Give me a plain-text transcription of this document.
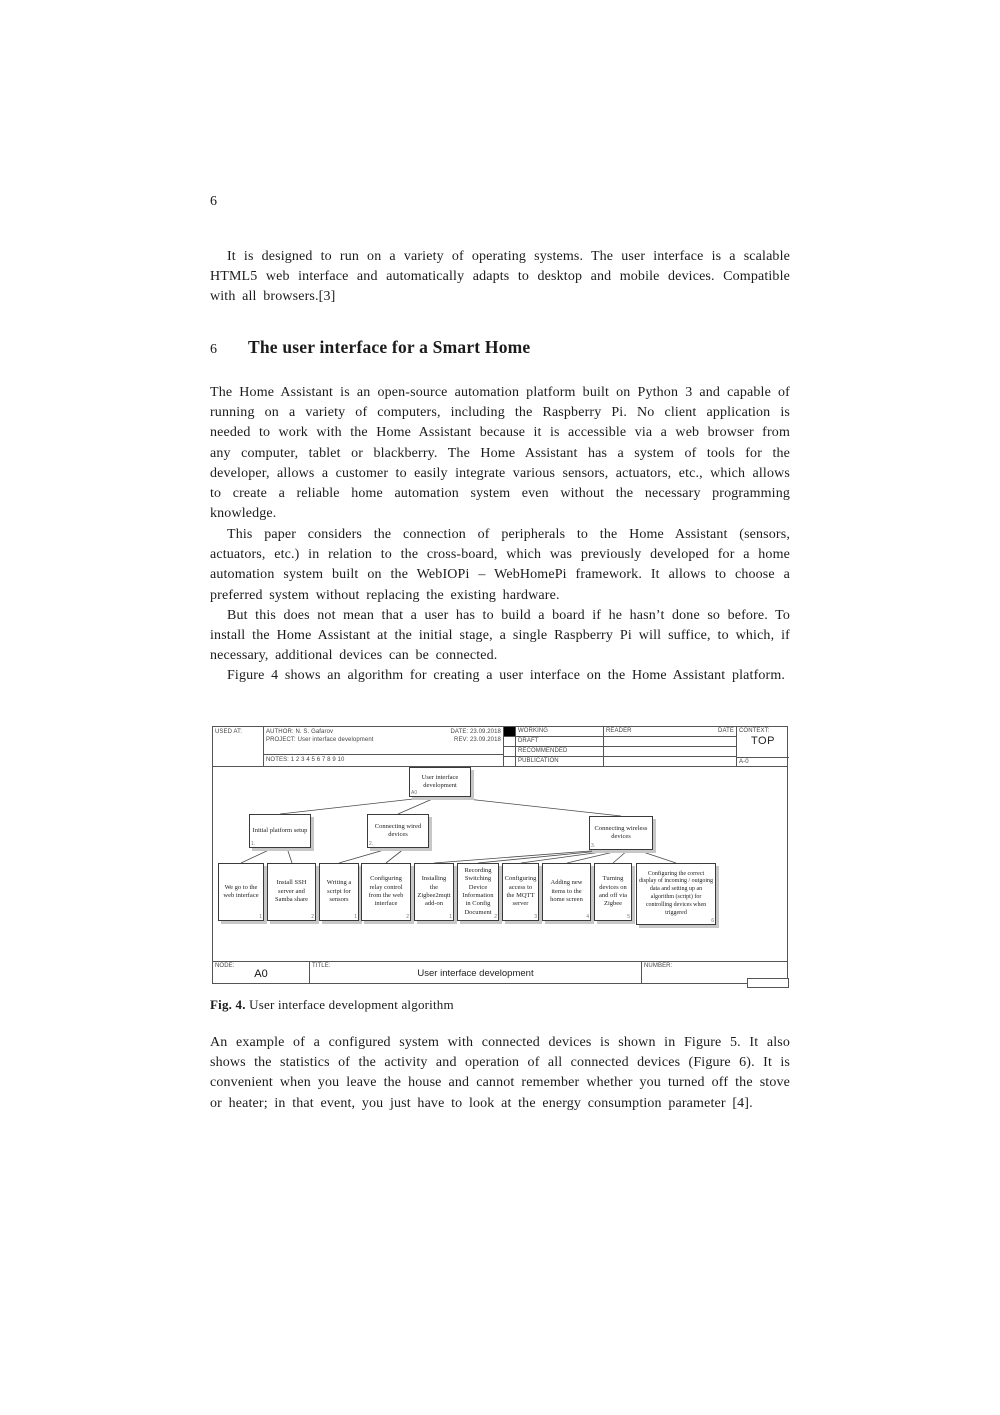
6

It is designed to run on a variety of operating systems. The user interface is a scalable HTML5 web interface and automatically adapts to desktop and mobile devices. Compatible with all browsers.[3]

6 The user interface for a Smart Home

The Home Assistant is an open-source automation platform built on Python 3 and capable of running on a variety of computers, including the Raspberry Pi. No client application is needed to work with the Home Assistant because it is accessible via a web browser from any computer, tablet or blackberry. The Home Assistant has a system of tools for the developer, allows a customer to easily integrate various sensors, actuators, etc., which allows to create a reliable home automation system even without the necessary programming knowledge.

This paper considers the connection of peripherals to the Home Assistant (sensors, actuators, etc.) in relation to the cross-board, which was previously developed for a home automation system built on the WebIOPi – WebHomePi framework. It allows to choose a preferred system without replacing the existing hardware.

But this does not mean that a user has to build a board if he hasn’t done so before. To install the Home Assistant at the initial stage, a single Raspberry Pi will suffice, to which, if necessary, additional devices can be connected.

Figure 4 shows an algorithm for creating a user interface on the Home Assistant platform.

USED AT:	AUTHOR: N. S. Gafarov	DATE: 23.09.2018
PROJECT: User interface development	REV: 23.09.2018
NOTES: 1 2 3 4 5 6 7 8 9 10
WORKING
DRAFT
RECOMMENDED
PUBLICATION
READER	DATE CONTEXT:
TOP
A-0
User interface development
A0
Initial platform setup
1.
Connecting wired devices
2.
Connecting wireless devices
3.
We go to the web interface
1
Install SSH server and Samba share
2
Writing a script for sensors
1
Configuring relay control from the web interface
2
Installing the Zigbee2mqtt add-on
1
Recording Switching Device Information in Config Document
2
Configuring access to the MQTT server
3
Adding new items to the home screen
4
Turning devices on and off via Zigbee
5
Configuring the correct display of incoming / outgoing data and setting up an algorithm (script) for controlling devices when triggered
6
NODE:
A0
TITLE:
User interface development
NUMBER:

Fig. 4. User interface development algorithm

An example of a configured system with connected devices is shown in Figure 5. It also shows the statistics of the activity and operation of all connected devices (Figure 6). It is convenient when you leave the house and cannot remember whether you turned off the stove or heater; in that event, you just have to look at the energy consumption parameter [4].
